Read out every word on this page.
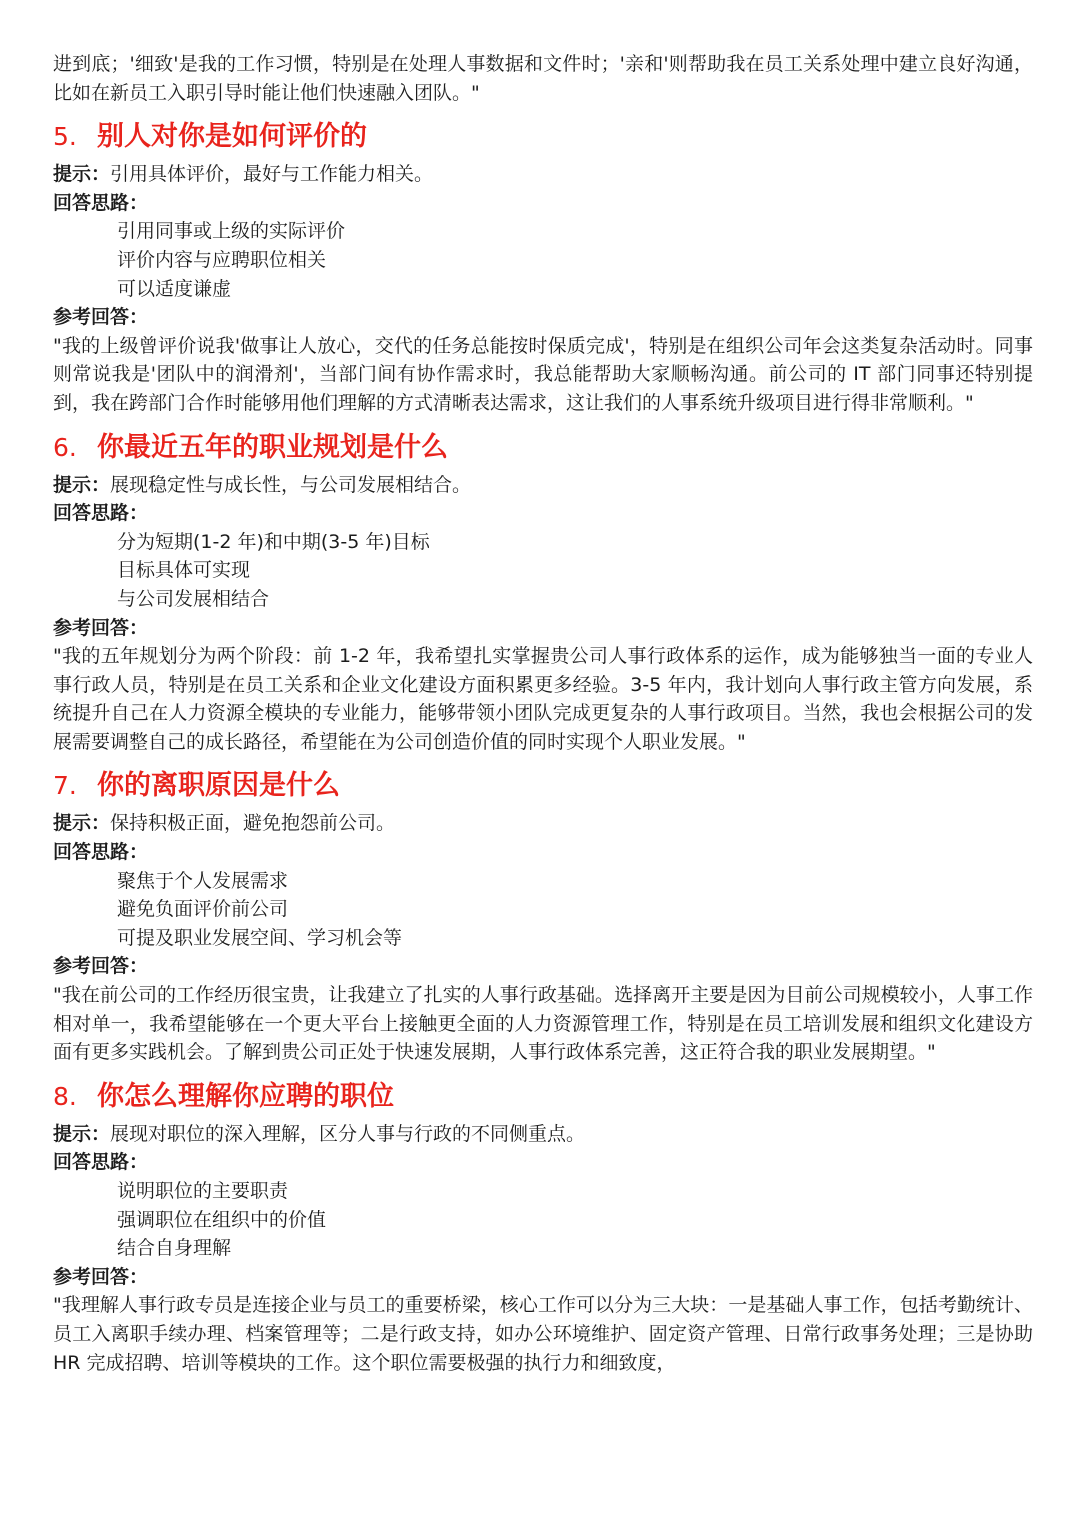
进到底；'细致'是我的工作习惯，特别是在处理人事数据和文件时；'亲和'则帮助我在员工关系处理中建立良好沟通，比如在新员工入职引导时能让他们快速融入团队。"

5. 别人对你是如何评价的

提示：引用具体评价，最好与工作能力相关。

回答思路：

引用同事或上级的实际评价

评价内容与应聘职位相关

可以适度谦虚

参考回答：

"我的上级曾评价说我'做事让人放心，交代的任务总能按时保质完成'，特别是在组织公司年会这类复杂活动时。同事则常说我是'团队中的润滑剂'，当部门间有协作需求时，我总能帮助大家顺畅沟通。前公司的 IT 部门同事还特别提到，我在跨部门合作时能够用他们理解的方式清晰表达需求，这让我们的人事系统升级项目进行得非常顺利。"

6. 你最近五年的职业规划是什么

提示：展现稳定性与成长性，与公司发展相结合。

回答思路：

分为短期(1-2 年)和中期(3-5 年)目标

目标具体可实现

与公司发展相结合

参考回答：

"我的五年规划分为两个阶段：前 1-2 年，我希望扎实掌握贵公司人事行政体系的运作，成为能够独当一面的专业人事行政人员，特别是在员工关系和企业文化建设方面积累更多经验。3-5 年内，我计划向人事行政主管方向发展，系统提升自己在人力资源全模块的专业能力，能够带领小团队完成更复杂的人事行政项目。当然，我也会根据公司的发展需要调整自己的成长路径，希望能在为公司创造价值的同时实现个人职业发展。"

7. 你的离职原因是什么

提示：保持积极正面，避免抱怨前公司。

回答思路：

聚焦于个人发展需求

避免负面评价前公司

可提及职业发展空间、学习机会等

参考回答：

"我在前公司的工作经历很宝贵，让我建立了扎实的人事行政基础。选择离开主要是因为目前公司规模较小，人事工作相对单一，我希望能够在一个更大平台上接触更全面的人力资源管理工作，特别是在员工培训发展和组织文化建设方面有更多实践机会。了解到贵公司正处于快速发展期，人事行政体系完善，这正符合我的职业发展期望。"

8. 你怎么理解你应聘的职位

提示：展现对职位的深入理解，区分人事与行政的不同侧重点。

回答思路：

说明职位的主要职责

强调职位在组织中的价值

结合自身理解

参考回答：

"我理解人事行政专员是连接企业与员工的重要桥梁，核心工作可以分为三大块：一是基础人事工作，包括考勤统计、员工入离职手续办理、档案管理等；二是行政支持，如办公环境维护、固定资产管理、日常行政事务处理；三是协助 HR 完成招聘、培训等模块的工作。这个职位需要极强的执行力和细致度，
